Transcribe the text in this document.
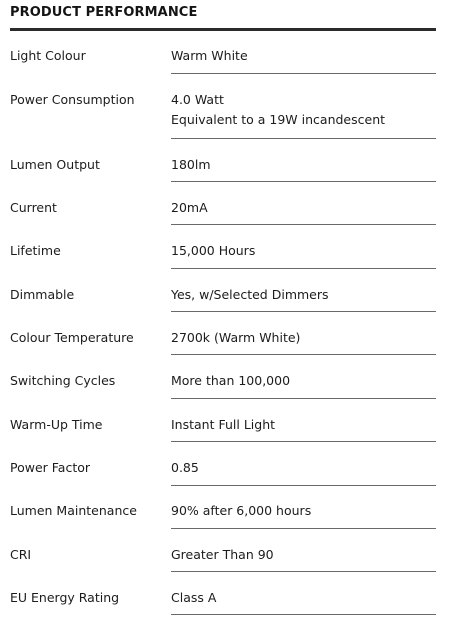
PRODUCT PERFORMANCE
Light Colour	Warm White
Power Consumption	4.0 Watt
Equivalent to a 19W incandescent
Lumen Output	180lm
Current	20mA
Lifetime	15,000 Hours
Dimmable	Yes, w/Selected Dimmers
Colour Temperature	2700k (Warm White)
Switching Cycles	More than 100,000
Warm-Up Time	Instant Full Light
Power Factor	0.85
Lumen Maintenance	90% after 6,000 hours
CRI	Greater Than 90
EU Energy Rating	Class A
